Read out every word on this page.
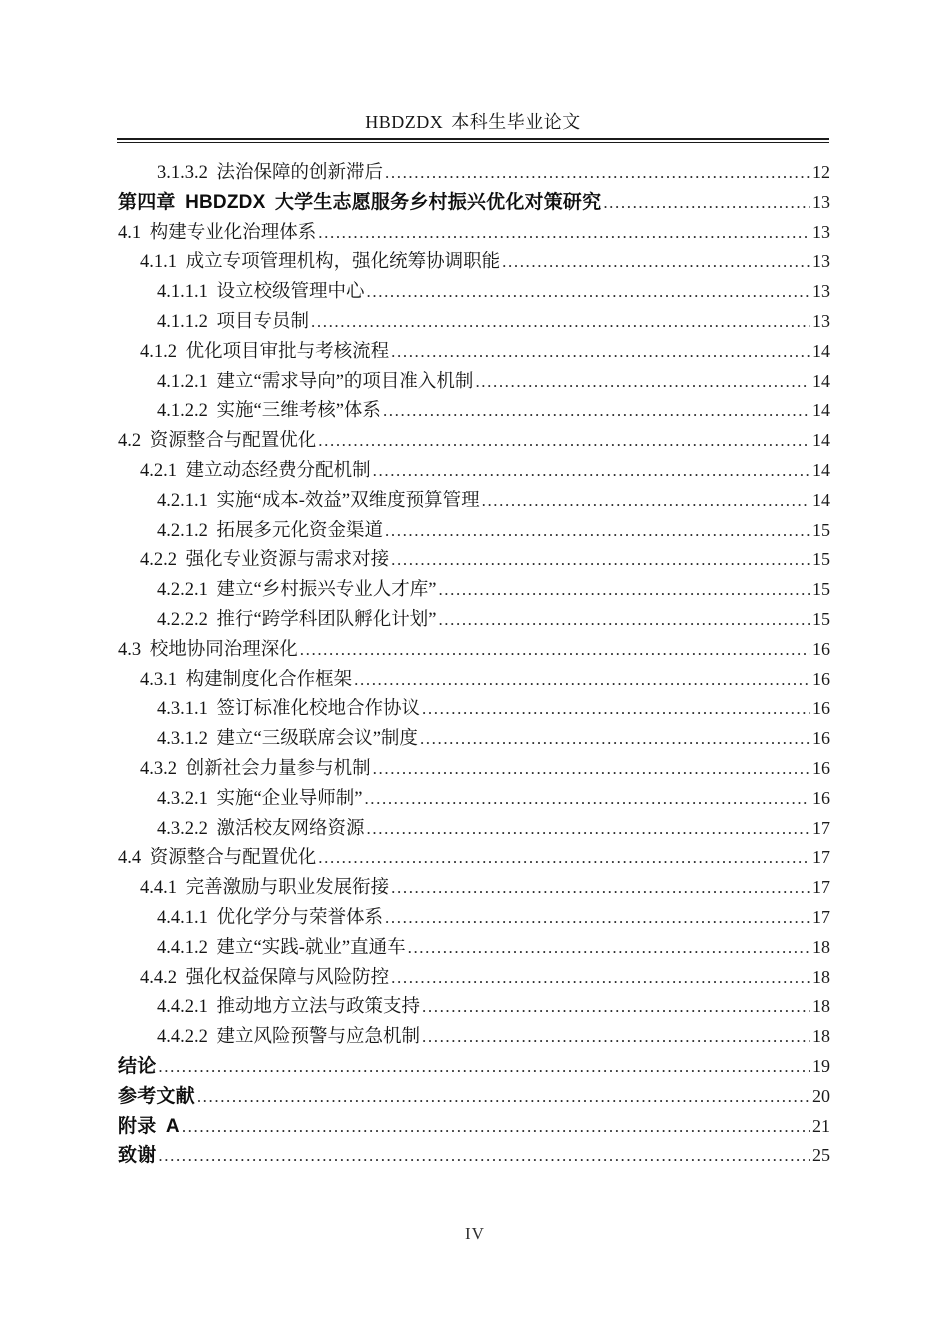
HBDZDX 本科生毕业论文
3.1.3.2 法治保障的创新滞后 .....	12
第四章 HBDZDX 大学生志愿服务乡村振兴优化对策研究 .....	13
4.1 构建专业化治理体系 .....	13
4.1.1 成立专项管理机构，强化统筹协调职能 .....	13
4.1.1.1 设立校级管理中心 .....	13
4.1.1.2 项目专员制 .....	13
4.1.2 优化项目审批与考核流程 .....	14
4.1.2.1 建立“需求导向”的项目准入机制 .....	14
4.1.2.2 实施“三维考核”体系 .....	14
4.2 资源整合与配置优化 .....	14
4.2.1 建立动态经费分配机制 .....	14
4.2.1.1 实施“成本-效益”双维度预算管理 .....	14
4.2.1.2 拓展多元化资金渠道 .....	15
4.2.2 强化专业资源与需求对接 .....	15
4.2.2.1 建立“乡村振兴专业人才库” .....	15
4.2.2.2 推行“跨学科团队孵化计划” .....	15
4.3 校地协同治理深化 .....	16
4.3.1 构建制度化合作框架 .....	16
4.3.1.1 签订标准化校地合作协议 .....	16
4.3.1.2 建立“三级联席会议”制度 .....	16
4.3.2 创新社会力量参与机制 .....	16
4.3.2.1 实施“企业导师制” .....	16
4.3.2.2 激活校友网络资源 .....	17
4.4 资源整合与配置优化 .....	17
4.4.1 完善激励与职业发展衔接 .....	17
4.4.1.1 优化学分与荣誉体系 .....	17
4.4.1.2 建立“实践-就业”直通车 .....	18
4.4.2 强化权益保障与风险防控 .....	18
4.4.2.1 推动地方立法与政策支持 .....	18
4.4.2.2 建立风险预警与应急机制 .....	18
结论 .....	19
参考文献 .....	20
附录 A .....	21
致谢 .....	25
IV
